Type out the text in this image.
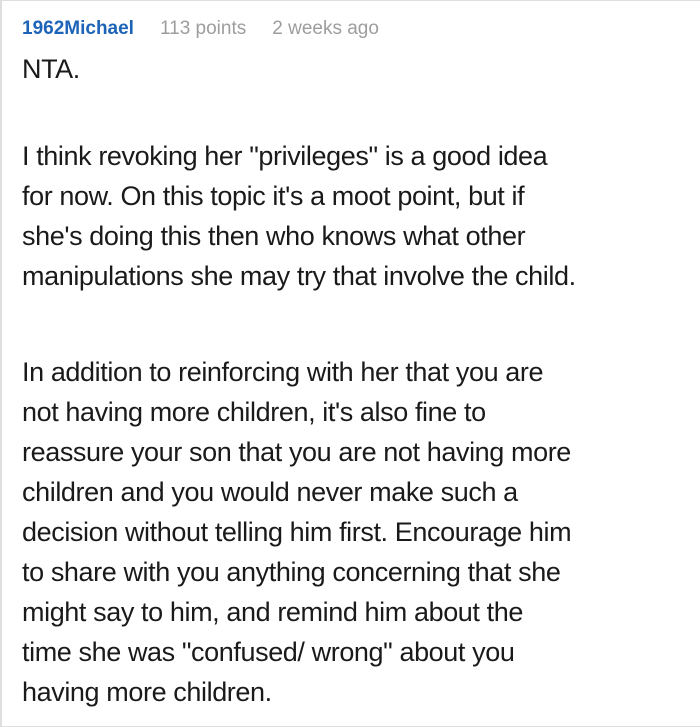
1962Michael 113 points 2 weeks ago

NTA.

I think revoking her "privileges" is a good idea
for now. On this topic it's a moot point, but if
she's doing this then who knows what other
manipulations she may try that involve the child.

In addition to reinforcing with her that you are
not having more children, it's also fine to
reassure your son that you are not having more
children and you would never make such a
decision without telling him first. Encourage him
to share with you anything concerning that she
might say to him, and remind him about the
time she was "confused/ wrong" about you
having more children.
